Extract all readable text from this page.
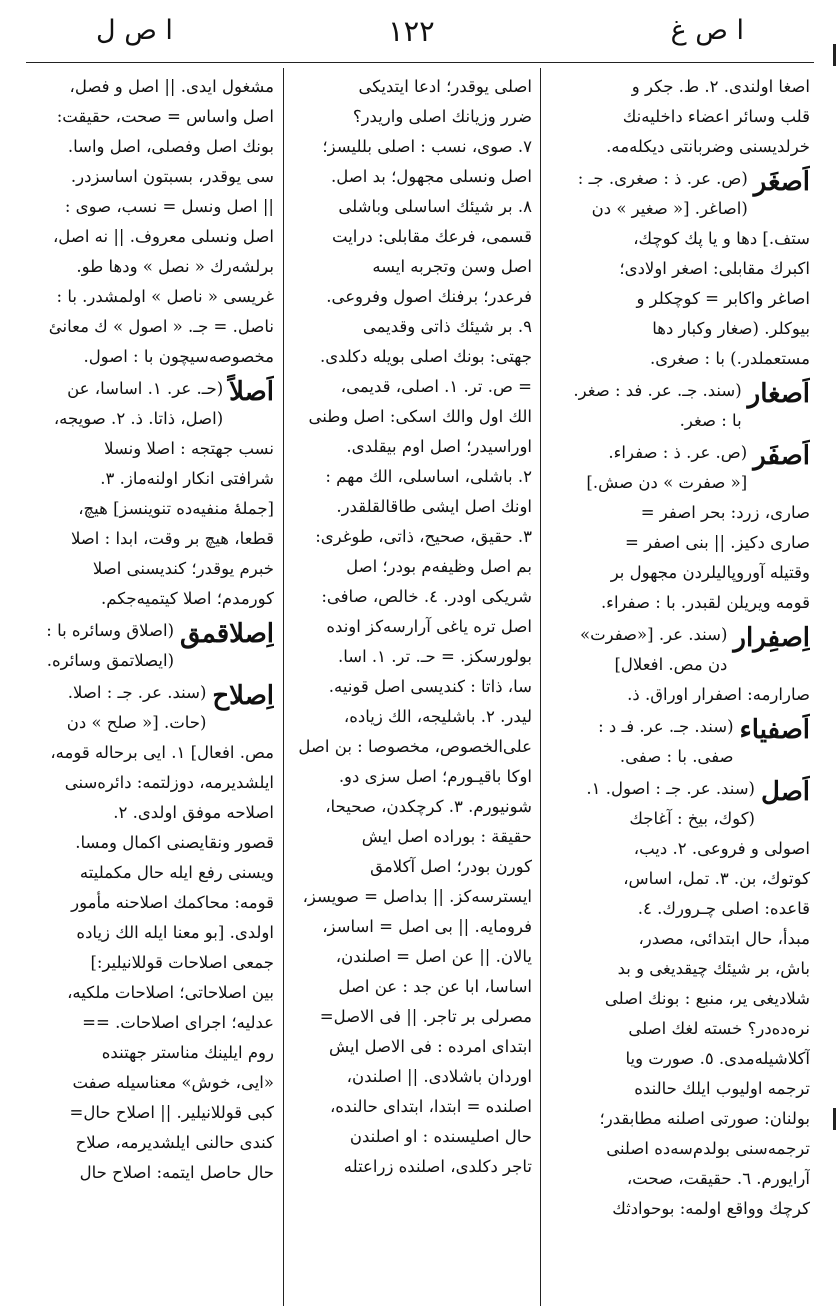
ا ص ل	١٢٢	ا ص غ
اصغا اولندی. ٢. ط. جکر و
قلب وسائر اعضاء داخلیه‌نك
خرلدیسنی وضربانتی دیکله‌مه.
اَصغَر
(ص. عر. ذ : صغری. جـ :
(اصاغر. [« صغیر » دن
ستف.] دها و یا پك کوچك،
اکبرك مقابلی: اصغر اولادی؛
اصاغر واکابر = کوچکلر و
بیوکلر. (صغار وکبار دها
مستعملدر.) با : صغری.
اَصغار
(سند. جـ. عر. فد : صغر.
با : صغر.
اَصفَر
(ص. عر. ذ : صفراء.
[« صفرت » دن صش.]
صاری، زرد: بحر اصفر =
صاری دکیز. || بنی اصفر =
وقتیله آوروپالیلردن مجهول بر
قومه ویریلن لقبدر. با : صفراء.
اِصفِرار
(سند. عر. [«صفرت»
دن مص. افعلال]
صارارمه: اصفرار اوراق. ذ.
اَصفیاء
(سند. جـ. عر. فـ د :
صفی. با : صفی.
اَصل
(سند. عر. جـ : اصول. ١.
(کوك، بیخ : آغاجك
اصولی و فروعی. ٢. دیب،
کوتوك، بن. ٣. تمل، اساس،
قاعده: اصلی چـرورك. ٤.
مبدأ، حال ابتدائی، مصدر،
باش، بر شیئك چیقدیغی و بد
شلادیغی یر، منبع : بونك اصلی
نره‌ده‌در؟ خسته لغك اصلی
آکلاشیله‌مدی. ٥. صورت ویا
ترجمه اولیوب ایلك حالنده
بولنان: صورتی اصلنه مطابقدر؛
ترجمه‌سنی بولدم‌سه‌ده اصلنی
آرایورم. ٦. حقیقت، صحت،
کرچك وواقع اولمه: بوحوادثك
اصلی یوقدر؛ ادعا ایتدیکی
ضرر وزیانك اصلی واریدر؟
٧. صوی، نسب : اصلی بللیسز؛
اصل ونسلی مجهول؛ بد اصل.
٨. بر شیئك اساسلی وباشلی
قسمی، فرعك مقابلی: درایت
اصل وسن وتجربه ایسه
فرعدر؛ برفنك اصول وفروعی.
٩. بر شیئك ذاتی وقدیمی
جهتی: بونك اصلی بویله دکلدی.
= ص. تر. ١. اصلی، قدیمی،
الك اول والك اسکی: اصل وطنی
اوراسیدر؛ اصل اوم بیقلدی.
٢. باشلی، اساسلی، الك مهم :
اونك اصل ایشی طاقالقلقدر.
٣. حقیق، صحیح، ذاتی، طوغری:
بم اصل وظیفه‌م بودر؛ اصل
شریکی اودر. ٤. خالص، صافی:
اصل تره یاغی آرارسه‌کز اونده
بولورسکز. = حـ. تر. ١. اسا.
سا، ذاتا : کندیسی اصل قونیه.
لیدر. ٢. باشلیجه، الك زیاده،
علی‌الخصوص، مخصوصا : بن اصل
اوکا باقیـورم؛ اصل سزی دو.
شونیورم. ٣. کرچکدن، صحیحا،
حقیقة : بوراده اصل ایش
کورن بودر؛ اصل آکلامق
ایسترسه‌کز. || بداصل = صویسز،
فرومایه. || بی اصل = اساسز،
یالان. || عن اصل = اصلندن،
اساسا، ابا عن جد : عن اصل
مصرلی بر تاجر. || فی الاصل=
ابتدای امرده : فی الاصل ایش
اوردان باشلادی. || اصلندن،
اصلنده = ابتدا، ابتدای حالنده،
حال اصلیسنده : او اصلندن
تاجر دکلدی، اصلنده زراعتله
مشغول ایدی. || اصل و فصل،
اصل واساس = صحت، حقیقت:
بونك اصل وفصلی، اصل واسا.
سی یوقدر، بسبتون اساسزدر.
|| اصل ونسل = نسب، صوی :
اصل ونسلی معروف. || نه اصل،
برلشه‌رك « نصل » ودها طو.
غریسی « ناصل » اولمشدر. با :
ناصل. = جـ. « اصول » ك معانئ
مخصوصه‌سیچون با : اصول.
اَصلاً
(حـ. عر. ١. اساسا، عن
(اصل، ذاتا. ذ. ٢. صویجه،
نسب جهتجه : اصلا ونسلا
شرافتی انکار اولنه‌ماز. ٣.
[جملهٔ منفیه‌ده تنوینسز] هیچ،
قطعا، هیچ بر وقت، ابدا : اصلا
خبرم یوقدر؛ کندیسنی اصلا
کورمدم؛ اصلا کیتمیه‌جکم.
اِصلاقمق
(اصلاق وسائره با :
(ایصلاتمق وسائره.
اِصلاح
(سند. عر. جـ : اصلا.
(حات. [« صلح » دن
مص. افعال] ١. ایی برحاله قومه،
ایلشدیرمه، دوزلتمه: دائره‌سنی
اصلاحه موفق اولدی. ٢.
قصور ونقایصنی اکمال ومسا.
ویسنی رفع ایله حال مکملیته
قومه: محاکمك اصلاحنه مأمور
اولدی. [بو معنا ایله الك زیاده
جمعی اصلاحات قوللانیلیر:]
بین اصلاحاتی؛ اصلاحات ملکیه،
عدلیه؛ اجرای اصلاحات. ==
روم ایلینك مناستر جهتنده
«ایی، خوش» معناسیله صفت
کبی قوللانیلیر. || اصلاح حال=
کندی حالنی ایلشدیرمه، صلاح
حال حاصل ایتمه: اصلاح حال
